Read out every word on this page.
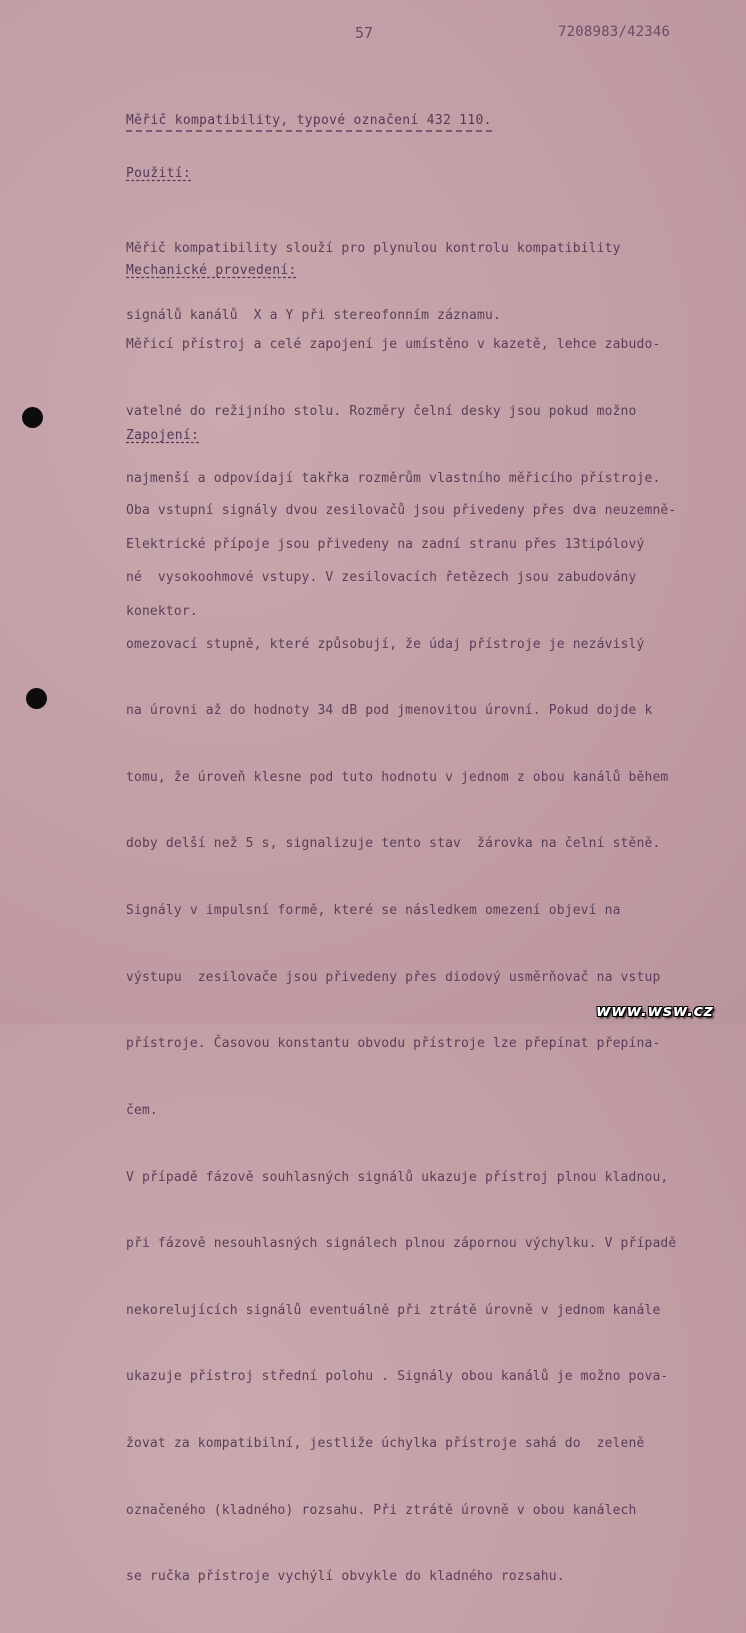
57	7208983/42346
Měřič kompatibility, typové označení 432 110.
Použití:

Měřič kompatibility slouží pro plynulou kontrolu kompatibility

signálů kanálů  X a Y při stereofonním záznamu.

Mechanické provedení:

Měřicí přístroj a celé zapojení je umístěno v kazetě, lehce zabudo-

vatelné do režijního stolu. Rozměry čelní desky jsou pokud možno

najmenší a odpovídají takřka rozměrům vlastního měřicího přístroje.

Elektrické přípoje jsou přivedeny na zadní stranu přes 13tipólový

konektor.

Zapojení:

Oba vstupní signály dvou zesilovačů jsou přivedeny přes dva neuzemně-

né  vysokoohmové vstupy. V zesilovacích řetězech jsou zabudovány

omezovací stupně, které způsobují, že údaj přístroje je nezávislý

na úrovni až do hodnoty 34 dB pod jmenovitou úrovní. Pokud dojde k

tomu, že úroveň klesne pod tuto hodnotu v jednom z obou kanálů během

doby delší než 5 s, signalizuje tento stav  žárovka na čelní stěně.

Signály v impulsní formě, které se následkem omezení objeví na

výstupu  zesilovače jsou přivedeny přes diodový usměrňovač na vstup

přístroje. Časovou konstantu obvodu přístroje lze přepínat přepína-

čem.

V případě fázově souhlasných signálů ukazuje přístroj plnou kladnou,

při fázově nesouhlasných signálech plnou zápornou výchylku. V případě

nekorelujících signálů eventuálně při ztrátě úrovně v jednom kanále

ukazuje přístroj střední polohu . Signály obou kanálů je možno pova-

žovat za kompatibilní, jestliže úchylka přístroje sahá do  zeleně

označeného (kladného) rozsahu. Při ztrátě úrovně v obou kanálech

se ručka přístroje vychýlí obvykle do kladného rozsahu.

www.wsw.cz
